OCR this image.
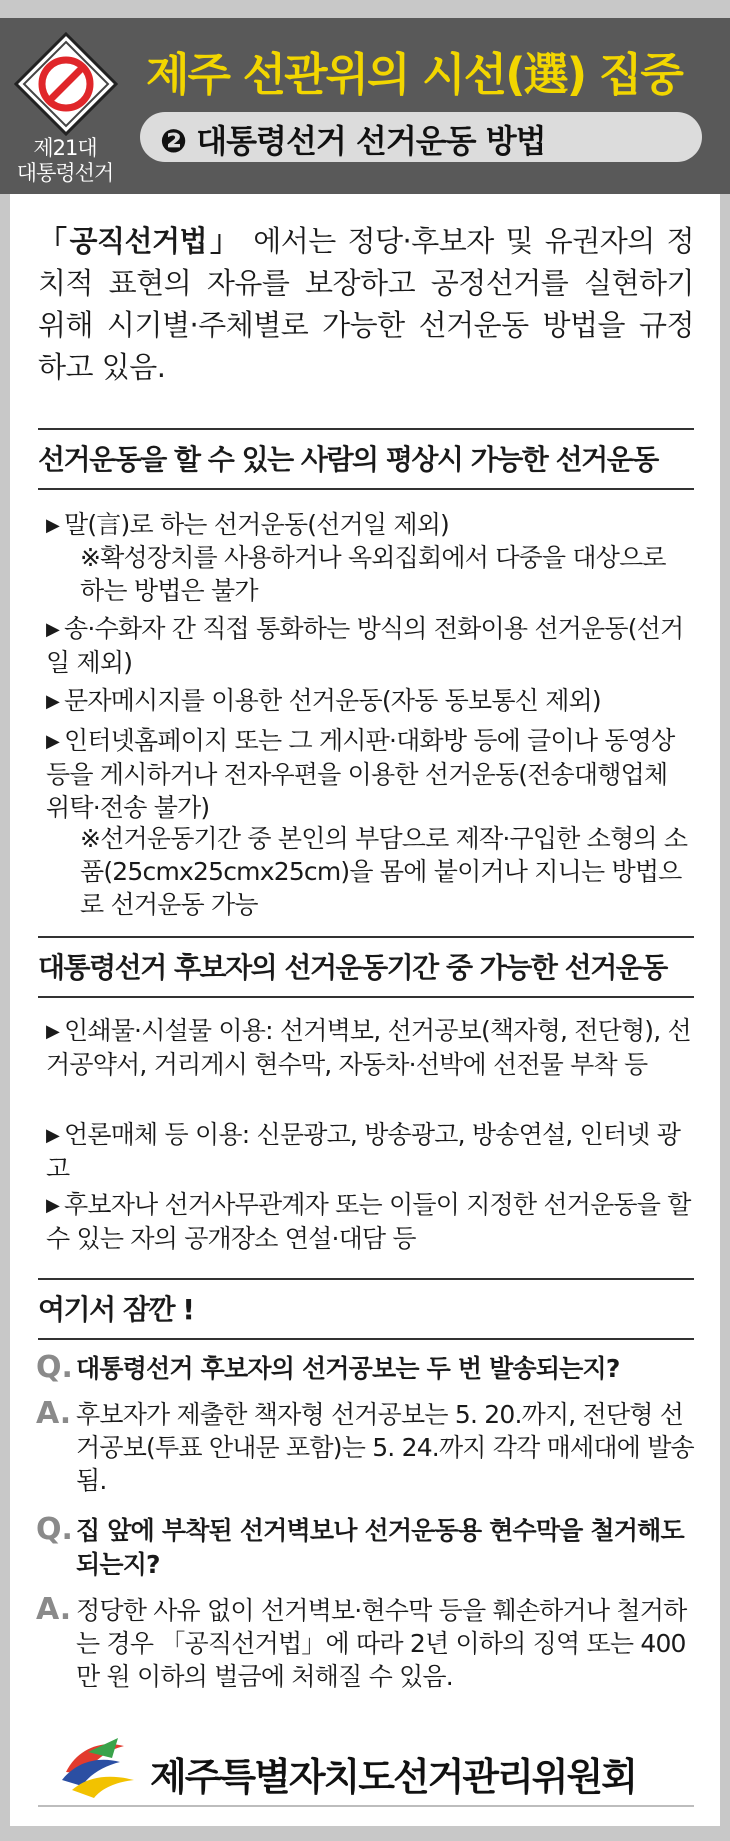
제21대
대통령선거
제주 선관위의 시선(選) 집중
❷ 대통령선거 선거운동 방법
「공직선거법」 에서는 정당·후보자 및 유권자의 정치적 표현의 자유를 보장하고 공정선거를 실현하기 위해 시기별·주체별로 가능한 선거운동 방법을 규정하고 있음.
선거운동을 할 수 있는 사람의 평상시 가능한 선거운동
▶ 말(言)로 하는 선거운동(선거일 제외)
※확성장치를 사용하거나 옥외집회에서 다중을 대상으로 하는 방법은 불가
▶ 송·수화자 간 직접 통화하는 방식의 전화이용 선거운동(선거일 제외)
▶ 문자메시지를 이용한 선거운동(자동 동보통신 제외)
▶ 인터넷홈페이지 또는 그 게시판·대화방 등에 글이나 동영상 등을 게시하거나 전자우편을 이용한 선거운동(전송대행업체 위탁·전송 불가)
※선거운동기간 중 본인의 부담으로 제작·구입한 소형의 소품(25cmx25cmx25cm)을 몸에 붙이거나 지니는 방법으로 선거운동 가능
대통령선거 후보자의 선거운동기간 중 가능한 선거운동
▶ 인쇄물·시설물 이용: 선거벽보, 선거공보(책자형, 전단형), 선거공약서, 거리게시 현수막, 자동차·선박에 선전물 부착 등
▶ 언론매체 등 이용: 신문광고, 방송광고, 방송연설, 인터넷 광고
▶ 후보자나 선거사무관계자 또는 이들이 지정한 선거운동을 할 수 있는 자의 공개장소 연설·대담 등
여기서 잠깐 !
Q. 대통령선거 후보자의 선거공보는 두 번 발송되는지?
A. 후보자가 제출한 책자형 선거공보는 5. 20.까지, 전단형 선거공보(투표 안내문 포함)는 5. 24.까지 각각 매세대에 발송됨.
Q. 집 앞에 부착된 선거벽보나 선거운동용 현수막을 철거해도 되는지?
A. 정당한 사유 없이 선거벽보·현수막 등을 훼손하거나 철거하는 경우 「공직선거법」에 따라 2년 이하의 징역 또는 400만 원 이하의 벌금에 처해질 수 있음.
제주특별자치도선거관리위원회
